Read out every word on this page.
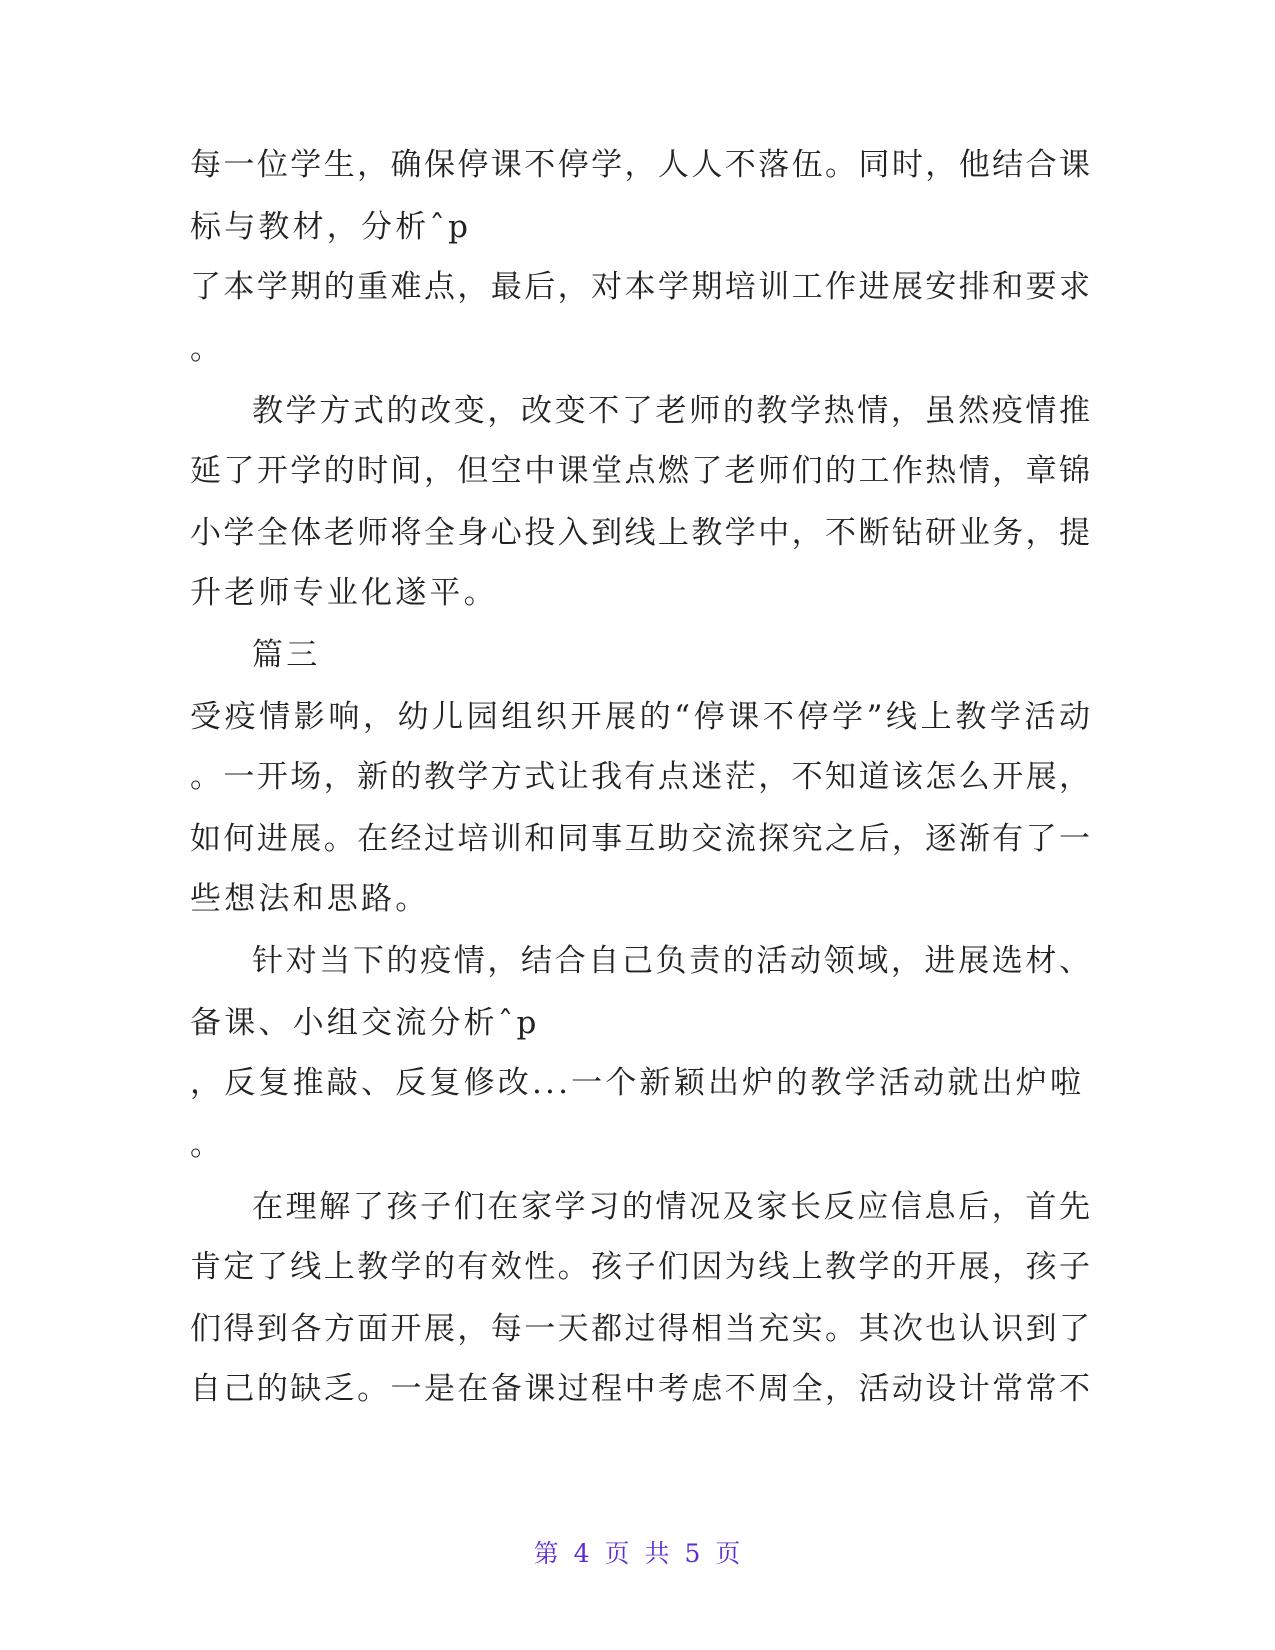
每一位学生，确保停课不停学，人人不落伍。同时，他结合课
标与教材，分析ˆp
了本学期的重难点，最后，对本学期培训工作进展安排和要求
。
教学方式的改变，改变不了老师的教学热情，虽然疫情推
延了开学的时间，但空中课堂点燃了老师们的工作热情，章锦
小学全体老师将全身心投入到线上教学中，不断钻研业务，提
升老师专业化遂平。
篇三
受疫情影响，幼儿园组织开展的“停课不停学”线上教学活动
。一开场，新的教学方式让我有点迷茫，不知道该怎么开展，
如何进展。在经过培训和同事互助交流探究之后，逐渐有了一
些想法和思路。
针对当下的疫情，结合自己负责的活动领域，进展选材、
备课、小组交流分析ˆp
，反复推敲、反复修改...一个新颖出炉的教学活动就出炉啦
。
在理解了孩子们在家学习的情况及家长反应信息后，首先
肯定了线上教学的有效性。孩子们因为线上教学的开展，孩子
们得到各方面开展，每一天都过得相当充实。其次也认识到了
自己的缺乏。一是在备课过程中考虑不周全，活动设计常常不
第 4 页 共 5 页
